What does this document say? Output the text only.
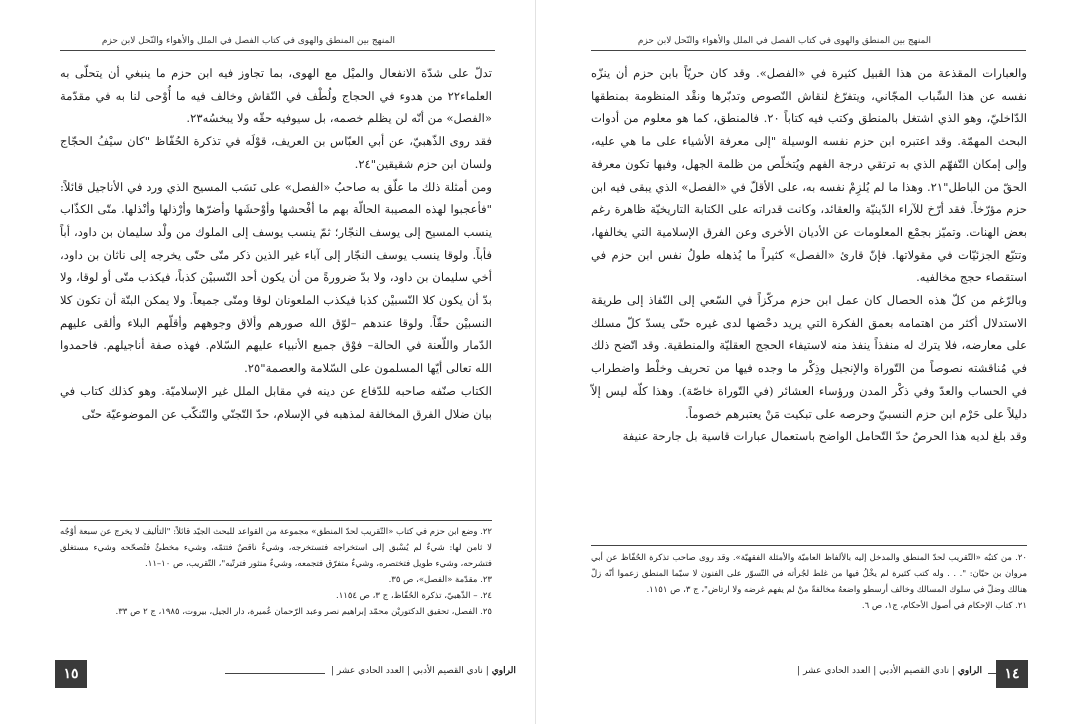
المنهج بين المنطق والهوى في كتاب الفصل في الملل والأهواء والنّحل لابن حزم

تدلّ على شدّة الانفعال والميْل مع الهوى، بما تجاوز فيه ابن حزم ما ينبغي أن يتحلّى به العلماء٢٢ من هدوء في الحجاج ولُطْف في النّقاش وخالف فيه ما أُوْحى لنا به في مقدّمة «الفصل» من أنّه لن يظلم خصمه، بل سيوفيه حقّه ولا يبخسُه٢٣.

فقد روى الذّهبيّ، عن أبي العبّاس بن العريف، قوْلَه في تذكرة الحُفّاظ "كان سيْفُ الحجّاج ولسان ابن حزم شقيقين"٢٤.

ومن أمثلة ذلك ما علّق به صاحبُ «الفصل» على نَسَب المسيح الذي ورد في الأناجيل قائلاً: "فأعجبوا لهذه المصيبة الحالّة بهم ما أفْحشها وأوْحشَها وأضرّها وأرْذلها وأنْذلها. متّى الكذّاب ينسب المسيح إلى يوسف النجّار؛ ثمّ ينسب يوسف إلى الملوك من ولْد سليمان بن داود، أباً فأباً. ولوقا ينسب يوسف النجّار إلى آباء غير الذين ذكر متّى حتّى يخرجه إلى ناثان بن داود، أخي سليمان بن داود، ولا بدّ ضرورةً من أن يكون أحد النّسبيْن كذباً، فيكذب متّى أو لوقا، ولا بدّ أن يكون كلا النّسبيْن كذبا فيكذب الملعونان لوقا ومتّى جميعاً. ولا يمكن البتّة أن تكون كلا النسبيْن حقّاً. ولوقا عندهم –لوّق الله صورهم وألاق وجوههم وأقلّهم البلاء وألقى عليهم الدّمار واللّعنة في الحالة– فوْق جميع الأنبياء عليهم السّلام. فهذه صفة أناجيلهم. فاحمدوا الله تعالى أيّها المسلمون على السّلامة والعصمة"٢٥.

الكتاب صنّفه صاحبه للدّفاع عن دينه في مقابل الملل غير الإسلاميّة. وهو كذلك كتاب في بيان ضلال الفرق المخالفة لمذهبه في الإسلام، حدّ التّجنّي والتّنكّب عن الموضوعيّة حتّى

٢٢. وضع ابن حزم في كتاب «التّقريب لحدّ المنطق» مجموعة من القواعد للبحث الجيّد قائلاً: "التأليف لا يخرج عن سبعة أوْجُه لا ثامن لها: شيءٌ لم يُسْبق إلى استخراجه فتستخرجه، وشيءٌ ناقصٌ فتتمّه، وشيء مخطئٌ فتُصحّحه وشيء مستغلق فتشرحه، وشيء طويل فتختصره، وشيءٌ متفرّق فتجمعه، وشيءٌ منثور فترتّبه"، التّقريب، ص ١٠–١١.

٢٣. مقدّمة «الفصل»، ص ٣٥.

٢٤. – الذّهبيّ، تذكرة الحُفّاظ، ج ٣، ص ١١٥٤.

٢٥. الفصل، تحقيق الدكتوريْن محمّد إبراهيم نصر وعبد الرّحمان عُميرة، دار الجيل، بيروت، ١٩٨٥، ج ٢ ص ٣٣.

١٥	الراوي | نادي القصيم الأدبي | العدد الحادي عشر |
المنهج بين المنطق والهوى في كتاب الفصل في الملل والأهواء والنّحل لابن حزم

والعبارات المقذعة من هذا القبيل كثيرة في «الفصل». وقد كان حريّاً بابن حزم أن ينزّه نفسه عن هذا السِّباب المجّاني، ويتفرّغ لنقاش النّصوص وتدبّرها ونقْد المنظومة بمنطقها الدّاخليّ، وهو الذي اشتغل بالمنطق وكتب فيه كتاباً ٢٠. فالمنطق، كما هو معلوم من أدوات البحث المهمّة. وقد اعتبره ابن حزم نفسه الوسيلة "إلى معرفة الأشياء على ما هي عليه، وإلى إمكان التّفهّم الذي به ترتقي درجة الفهم ويُتخلّص من ظلمة الجهل، وفيها تكون معرفة الحقّ من الباطل"٢١. وهذا ما لم يُلزِمْ نفسه به، على الأقلّ في «الفصل» الذي يبقى فيه ابن حزم مؤرّخاً. فقد أرّخ للآراء الدّينيّة والعقائد، وكانت قدراته على الكتابة التاريخيّة ظاهرة رغم بعض الهنات. وتميّز بجمْع المعلومات عن الأديان الأخرى وعن الفرق الإسلامية التي يخالفها، وتتبّع الجزئيّات في مقولاتها. فإنّ قارئ «الفصل» كثيراً ما يُذهله طولُ نفس ابن حزم في استقصاء حجج مخالفيه.

وبالرّغم من كلّ هذه الحصال كان عمل ابن حزم مركّزاً في السّعي إلى النّفاذ إلى طريقة الاستدلال أكثر من اهتمامه بعمق الفكرة التي يريد دحْضها لدى غيره حتّى يسدّ كلّ مسلك على معارضه، فلا يترك له منفذاً ينفذ منه لاستيفاء الحجج العقليّة والمنطقية. وقد اتّضح ذلك في مُناقشته نصوصاً من التّوراة والإنجيل وذِكْر ما وجده فيها من تحريف وخلْط واضطراب في الحساب والعدّ وفي ذكْر المدن ورؤساء العشائر (في التّوراة خاصّة). وهذا كلّه ليس إلاّ دليلاً على حَرْم ابن حزم النسبيّ وحرصه على تبكيت مَنْ يعتبرهم خصوماً.

وقد بلغ لديه هذا الحرصُ حدّ التّحامل الواضح باستعمال عبارات قاسية بل جارحة عنيفة

٢٠. من كتبُه «التّقريب لحدّ المنطق والمدخل إليه بالألفاظ العاميّة والأمثلة الفقهيّة». وقد روى صاحب تذكرة الحُفّاظ عن أبي مروان بن حيّان: ". . . وله كتب كثيرة لم يخْلُ فيها من غلط لجُرأته في التّسوّر على الفنون لا سيّما المنطق زعموا أنّه زلّ هنالك وضلّ في سلوك المسالك وخالف أرسطو واضعهُ مخالفةً منْ لم يفهم غرضه ولا ارتاض"، ج ٣، ص ١١٥١.

٢١. كتاب الإحكام في أصول الأحكام، ج١، ص ٦.

١٤
الراوي | نادي القصيم الأدبي | العدد الحادي عشر |
